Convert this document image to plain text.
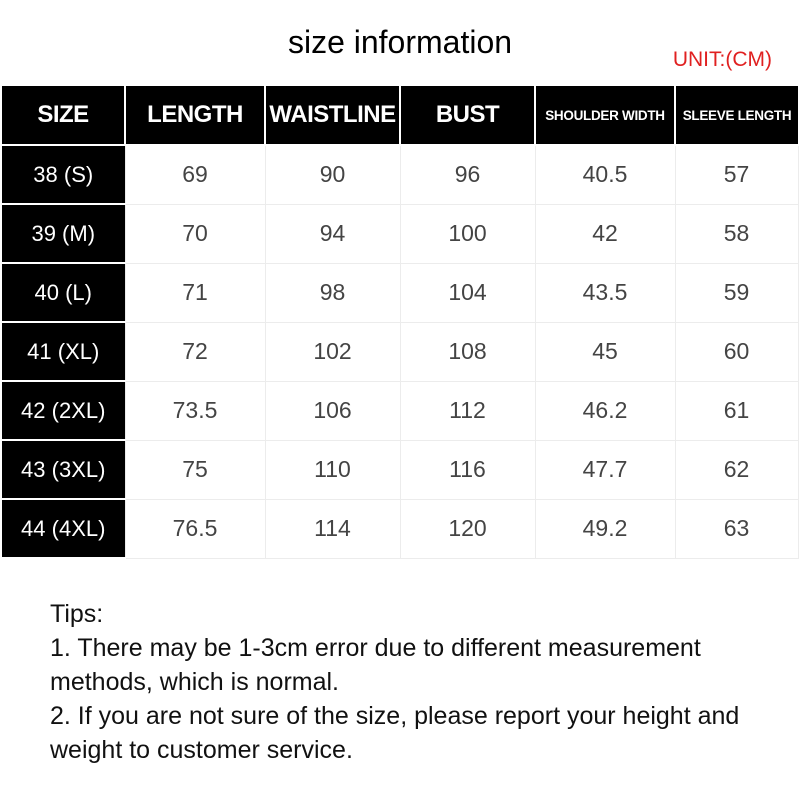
size information	UNIT:(CM)
SIZE	LENGTH	WAISTLINE	BUST	SHOULDER WIDTH	SLEEVE LENGTH
38 (S)	69	90	96	40.5	57
39 (M)	70	94	100	42	58
40 (L)	71	98	104	43.5	59
41 (XL)	72	102	108	45	60
42 (2XL)	73.5	106	112	46.2	61
43 (3XL)	75	110	116	47.7	62
44 (4XL)	76.5	114	120	49.2	63

Tips:

1. There may be 1-3cm error due to different measurement methods, which is normal.

2. If you are not sure of the size, please report your height and weight to customer service.
